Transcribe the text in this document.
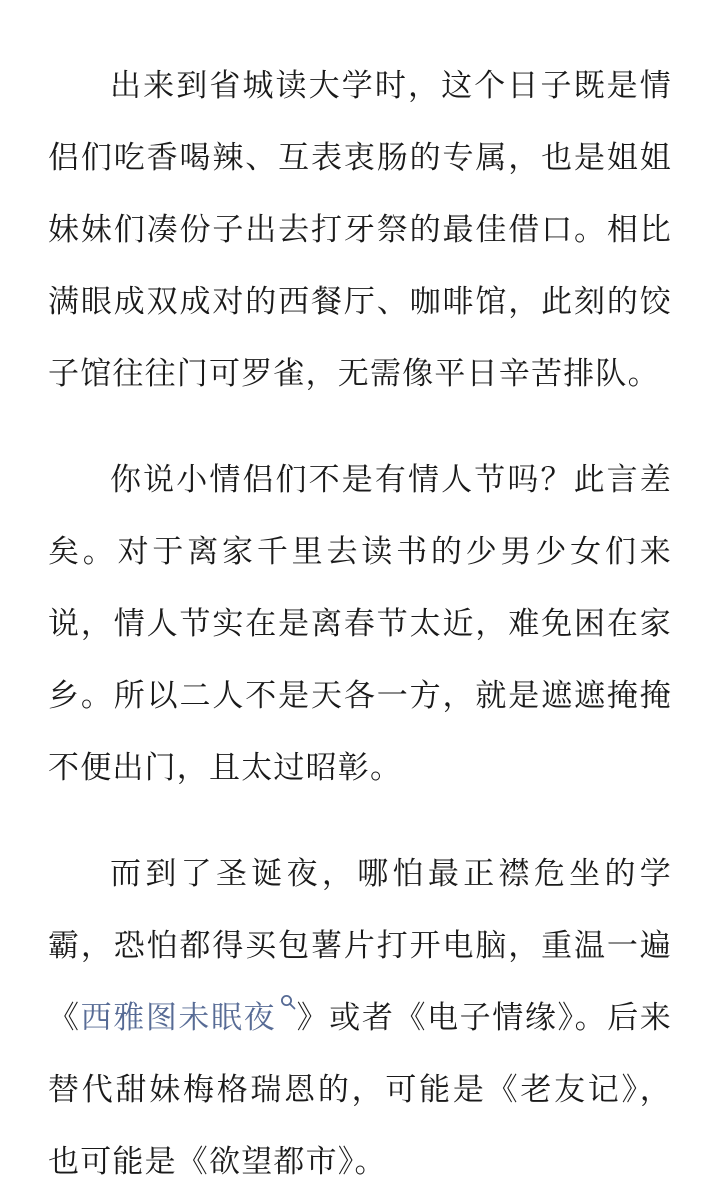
出来到省城读大学时，这个日子既是情侣们吃香喝辣、互表衷肠的专属，也是姐姐妹妹们凑份子出去打牙祭的最佳借口。相比满眼成双成对的西餐厅、咖啡馆，此刻的饺子馆往往门可罗雀，无需像平日辛苦排队。

你说小情侣们不是有情人节吗？此言差矣。对于离家千里去读书的少男少女们来说，情人节实在是离春节太近，难免困在家乡。所以二人不是天各一方，就是遮遮掩掩不便出门，且太过昭彰。

而到了圣诞夜，哪怕最正襟危坐的学霸，恐怕都得买包薯片打开电脑，重温一遍《西雅图未眠夜 》或者《电子情缘》。后来替代甜妹梅格瑞恩的，可能是《老友记》，也可能是《欲望都市》。
